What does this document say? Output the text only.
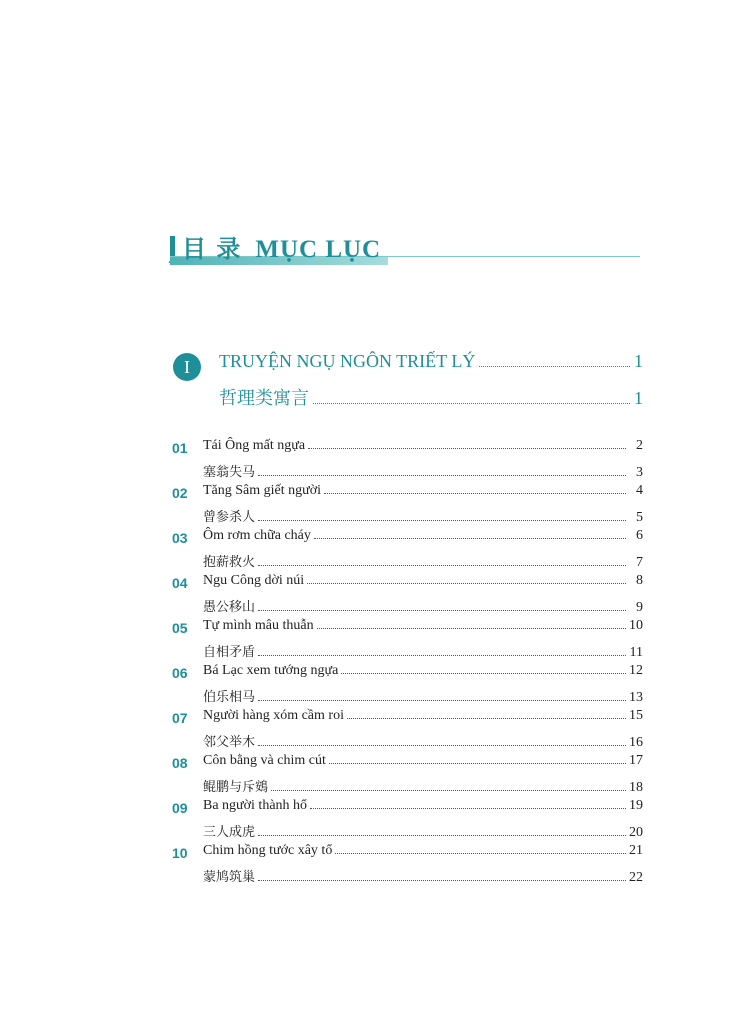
目 录 MỤC LỤC
I	TRUYỆN NGỤ NGÔN TRIẾT LÝ	1
哲理类寓言	1
01 Tái Ông mất ngựa	2
塞翁失马	3
02 Tăng Sâm giết người	4
曾参杀人	5
03 Ôm rơm chữa cháy	6
抱薪救火	7
04 Ngu Công dời núi	8
愚公移山	9
05 Tự mình mâu thuẫn	10
自相矛盾	11
06 Bá Lạc xem tướng ngựa	12
伯乐相马	13
07 Người hàng xóm cầm roi	15
邻父举木	16
08 Côn bằng và chim cút	17
鲲鹏与斥鴳	18
09 Ba người thành hổ	19
三人成虎	20
10 Chim hồng tước xây tổ	21
蒙鸠筑巢	22
